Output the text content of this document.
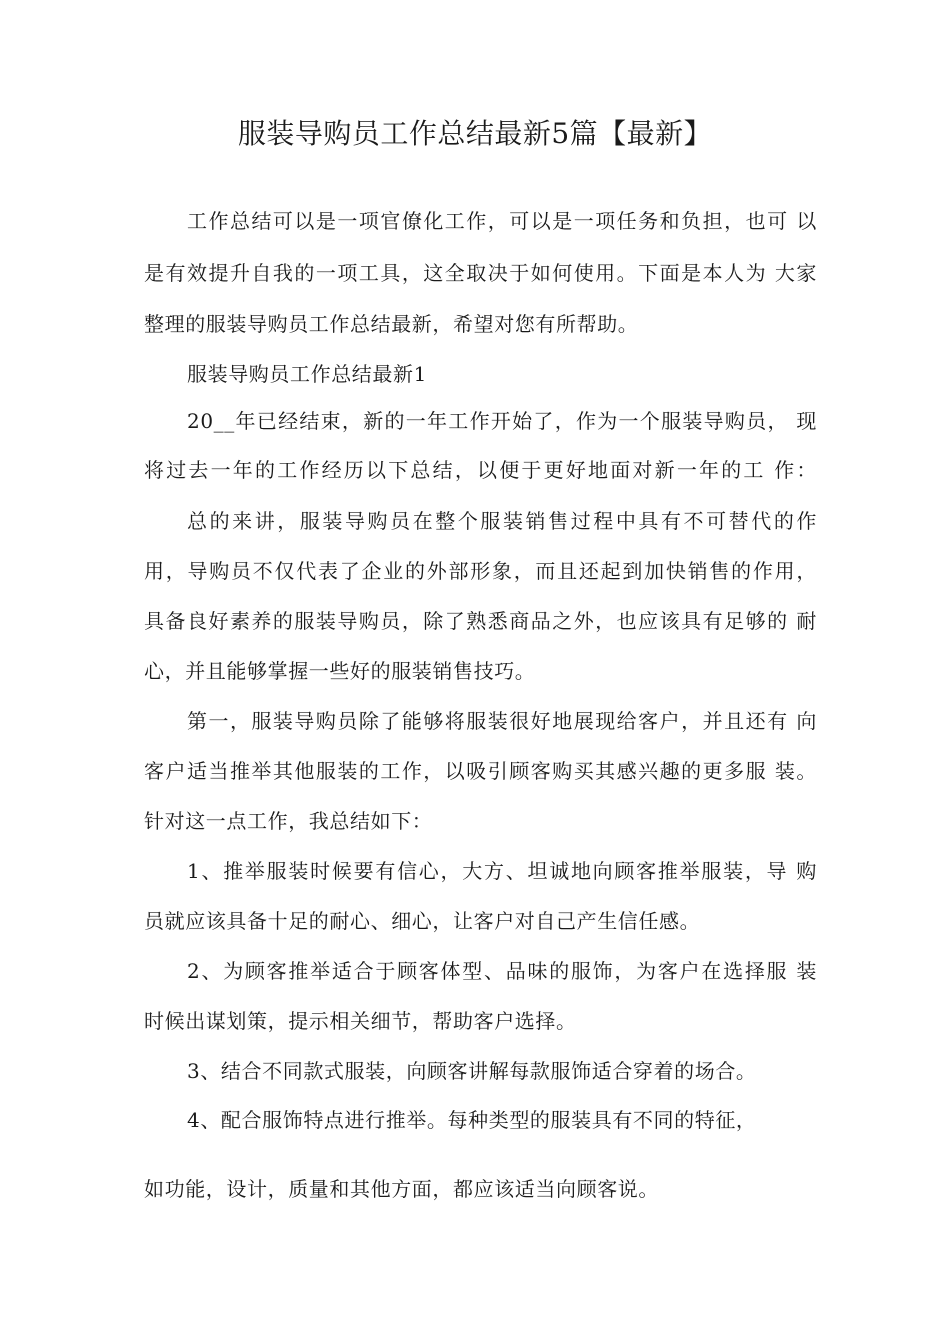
服装导购员工作总结最新5篇【最新】
工作总结可以是一项官僚化工作，可以是一项任务和负担，也可 以
是有效提升自我的一项工具，这全取决于如何使用。下面是本人为 大家
整理的服装导购员工作总结最新，希望对您有所帮助。
服装导购员工作总结最新1
20__年已经结束，新的一年工作开始了，作为一个服装导购员， 现
将过去一年的工作经历以下总结，以便于更好地面对新一年的工 作：
总的来讲，服装导购员在整个服装销售过程中具有不可替代的作
用，导购员不仅代表了企业的外部形象，而且还起到加快销售的作用，
具备良好素养的服装导购员，除了熟悉商品之外，也应该具有足够的 耐
心，并且能够掌握一些好的服装销售技巧。
第一，服装导购员除了能够将服装很好地展现给客户，并且还有 向
客户适当推举其他服装的工作，以吸引顾客购买其感兴趣的更多服 装。
针对这一点工作，我总结如下：
1、推举服装时候要有信心，大方、坦诚地向顾客推举服装，导 购
员就应该具备十足的耐心、细心，让客户对自己产生信任感。
2、为顾客推举适合于顾客体型、品味的服饰，为客户在选择服 装
时候出谋划策，提示相关细节，帮助客户选择。
3、结合不同款式服装，向顾客讲解每款服饰适合穿着的场合。
4、配合服饰特点进行推举。每种类型的服装具有不同的特征，
如功能，设计，质量和其他方面，都应该适当向顾客说。
